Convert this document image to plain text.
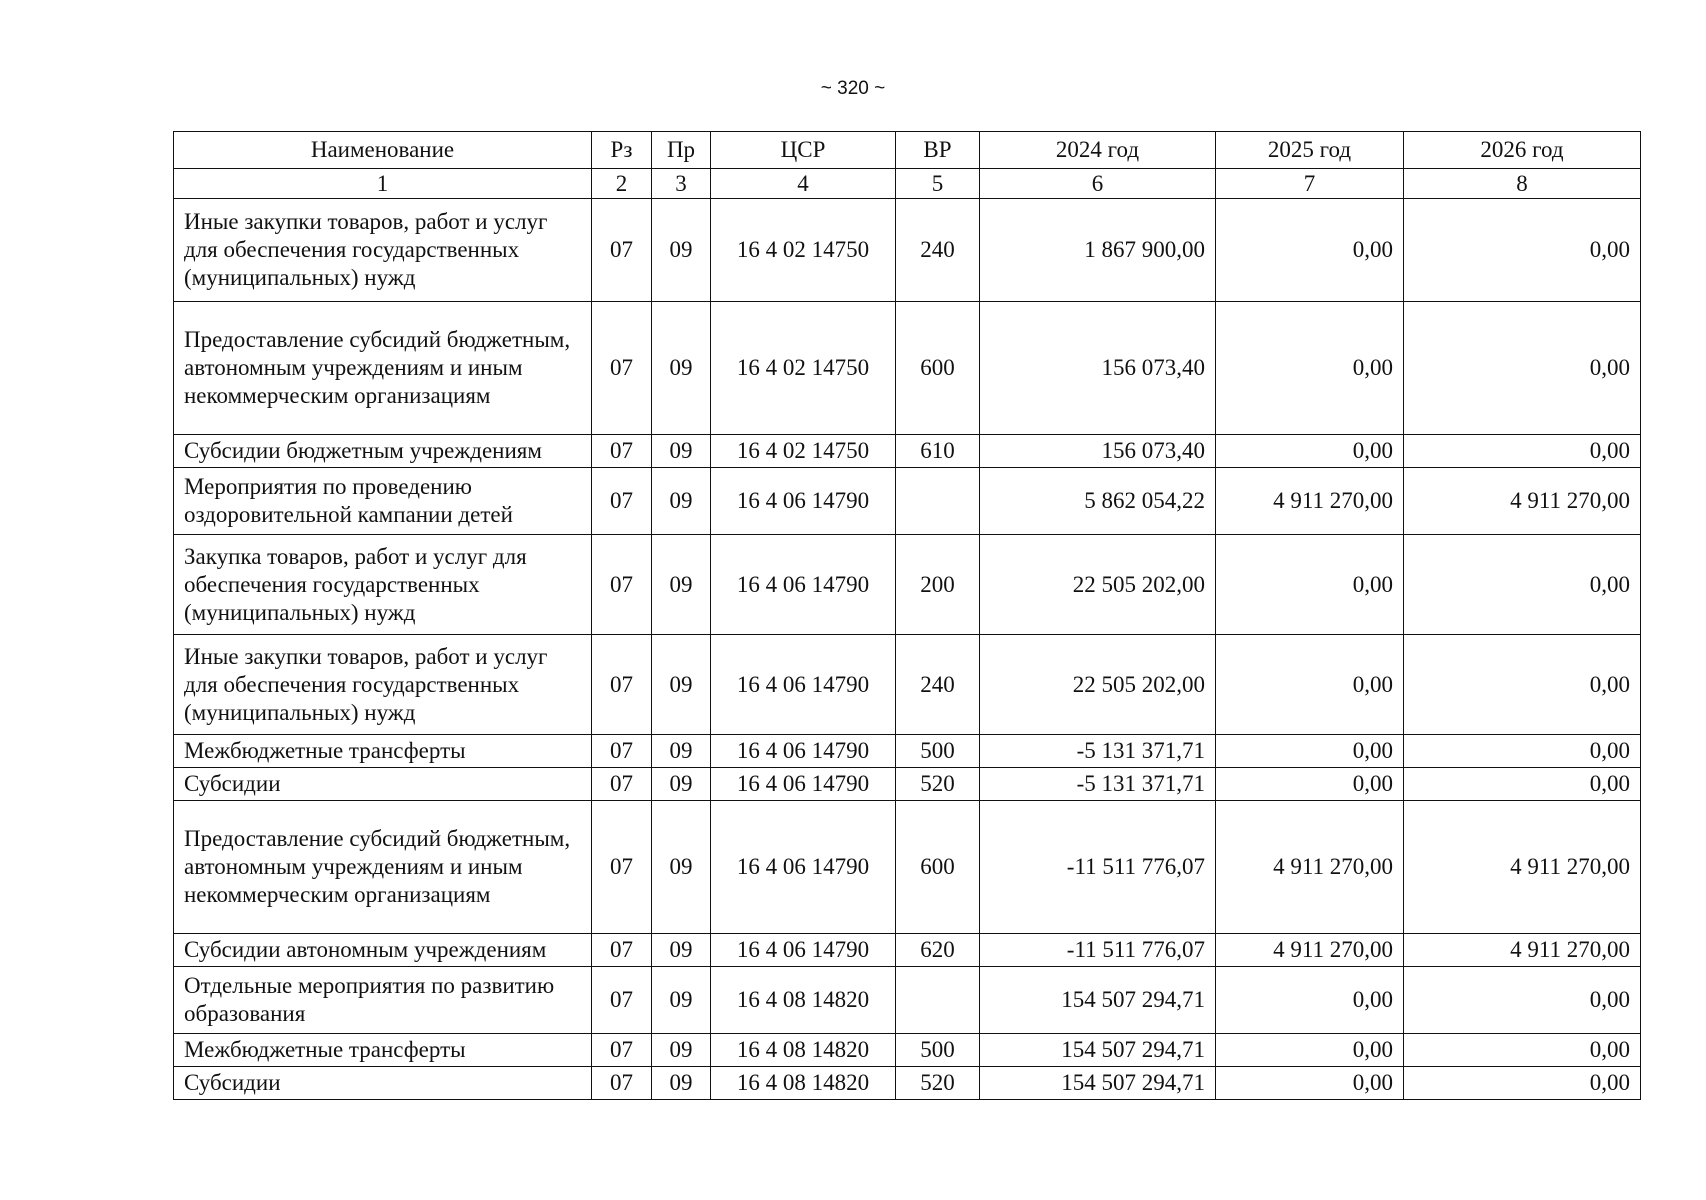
~ 320 ~
Наименование	Рз	Пр	ЦСР	ВР	2024 год	2025 год	2026 год
1	2	3	4	5	6	7	8
Иные закупки товаров, работ и услуг для обеспечения государственных (муниципальных) нужд	07	09	16 4 02 14750	240	1 867 900,00	0,00	0,00
Предоставление субсидий бюджетным, автономным учреждениям и иным некоммерческим организациям	07	09	16 4 02 14750	600	156 073,40	0,00	0,00
Субсидии бюджетным учреждениям	07	09	16 4 02 14750	610	156 073,40	0,00	0,00
Мероприятия по проведению оздоровительной кампании детей	07	09	16 4 06 14790		5 862 054,22	4 911 270,00	4 911 270,00
Закупка товаров, работ и услуг для обеспечения государственных (муниципальных) нужд	07	09	16 4 06 14790	200	22 505 202,00	0,00	0,00
Иные закупки товаров, работ и услуг для обеспечения государственных (муниципальных) нужд	07	09	16 4 06 14790	240	22 505 202,00	0,00	0,00
Межбюджетные трансферты	07	09	16 4 06 14790	500	-5 131 371,71	0,00	0,00
Субсидии	07	09	16 4 06 14790	520	-5 131 371,71	0,00	0,00
Предоставление субсидий бюджетным, автономным учреждениям и иным некоммерческим организациям	07	09	16 4 06 14790	600	-11 511 776,07	4 911 270,00	4 911 270,00
Субсидии автономным учреждениям	07	09	16 4 06 14790	620	-11 511 776,07	4 911 270,00	4 911 270,00
Отдельные мероприятия по развитию образования	07	09	16 4 08 14820		154 507 294,71	0,00	0,00
Межбюджетные трансферты	07	09	16 4 08 14820	500	154 507 294,71	0,00	0,00
Субсидии	07	09	16 4 08 14820	520	154 507 294,71	0,00	0,00
